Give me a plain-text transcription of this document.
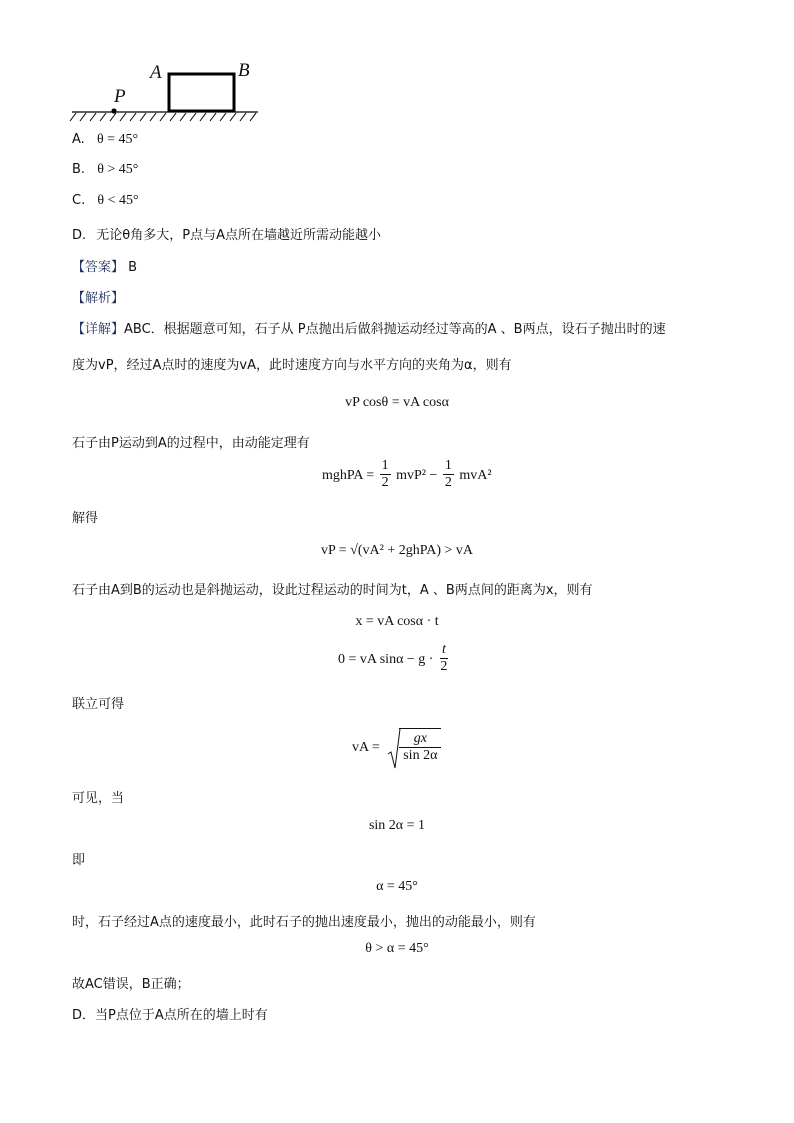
A	B
P
A. θ = 45°
B. θ > 45°
C. θ < 45°
D. 无论θ角多大，P点与A点所在墙越近所需动能越小
【答案】 B
【解析】
【详解】ABC．根据题意可知，石子从 P点抛出后做斜抛运动经过等高的A 、B两点，设石子抛出时的速
度为vP，经过A点时的速度为vA，此时速度方向与水平方向的夹角为α，则有
vP cosθ = vA cosα
石子由P运动到A的过程中，由动能定理有
mghPA = $\frac{1}{2} mvP^2 - \frac{1}{2} mvA^2$
解得
vP = √(vA² + 2ghPA) > vA
石子由A到B的运动也是斜抛运动，设此过程运动的时间为t，A 、B两点间的距离为x，则有
x = vA cosα · t
0 = vA $\sin\alpha - g \cdot \frac{t}{2}$
联立可得
vA =
gx
sin 2α
可见，当
sin 2α = 1
即
α = 45°
时，石子经过A点的速度最小，此时石子的抛出速度最小，抛出的动能最小，则有
θ > α = 45°
故AC错误，B正确；
D．当P点位于A点所在的墙上时有
